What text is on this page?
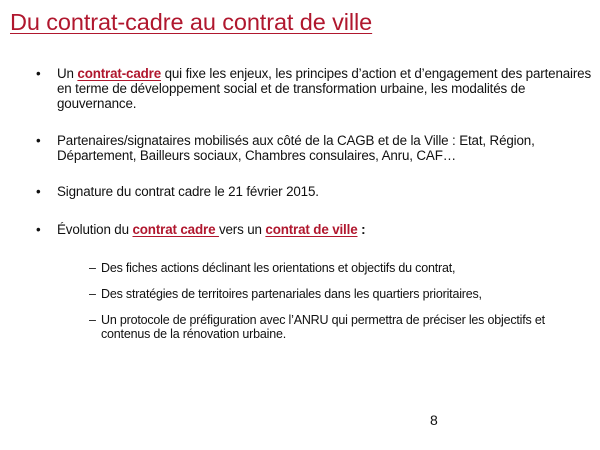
Du contrat-cadre au contrat de ville
• Un contrat-cadre qui fixe les enjeux, les principes d’action et d’engagement des partenaires en terme de développement social et de transformation urbaine, les modalités de gouvernance.
• Partenaires/signataires mobilisés aux côté de la CAGB et de la Ville : Etat, Région, Département, Bailleurs sociaux, Chambres consulaires, Anru, CAF…
• Signature du contrat cadre le 21 février 2015.
• Évolution du contrat cadre vers un contrat de ville :
– Des fiches actions déclinant les orientations et objectifs du contrat,
– Des stratégies de territoires partenariales dans les quartiers prioritaires,
– Un protocole de préfiguration avec l’ANRU qui permettra de préciser les objectifs et contenus de la rénovation urbaine.
8
